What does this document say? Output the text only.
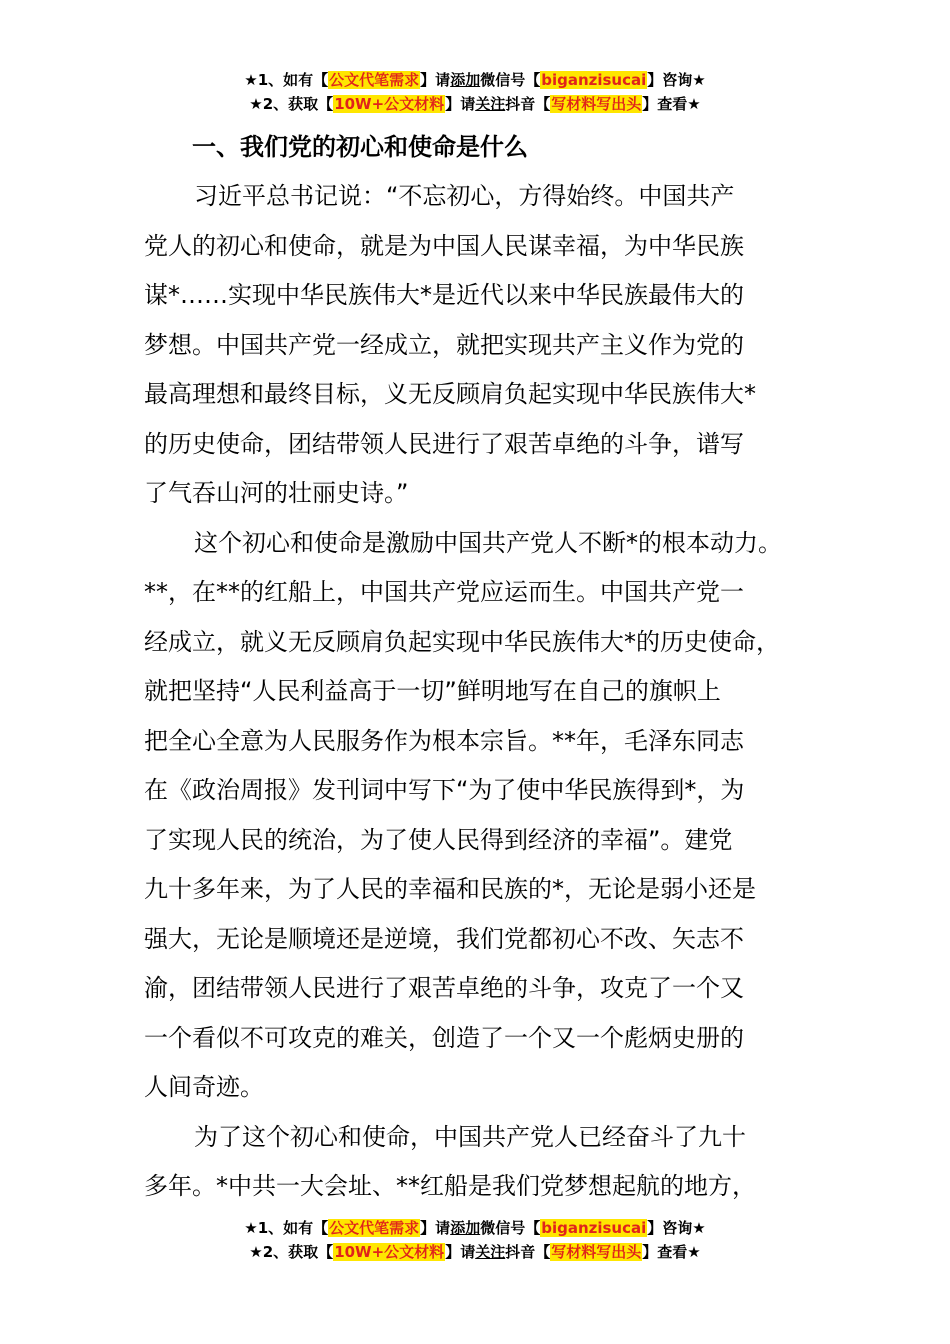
★1、如有【公文代笔需求】请添加微信号【biganzisucai】咨询★
★2、获取【10W+公文材料】请关注抖音【写材料写出头】查看★
一、我们党的初心和使命是什么
习近平总书记说：“不忘初心，方得始终。中国共产
党人的初心和使命，就是为中国人民谋幸福，为中华民族
谋*……实现中华民族伟大*是近代以来中华民族最伟大的
梦想。中国共产党一经成立，就把实现共产主义作为党的
最高理想和最终目标，义无反顾肩负起实现中华民族伟大*
的历史使命，团结带领人民进行了艰苦卓绝的斗争，谱写
了气吞山河的壮丽史诗。”
这个初心和使命是激励中国共产党人不断*的根本动力。
**，在**的红船上，中国共产党应运而生。中国共产党一
经成立，就义无反顾肩负起实现中华民族伟大*的历史使命，
就把坚持“人民利益高于一切”鲜明地写在自己的旗帜上
把全心全意为人民服务作为根本宗旨。**年，毛泽东同志
在《政治周报》发刊词中写下“为了使中华民族得到*，为
了实现人民的统治，为了使人民得到经济的幸福”。建党
九十多年来，为了人民的幸福和民族的*，无论是弱小还是
强大，无论是顺境还是逆境，我们党都初心不改、矢志不
渝，团结带领人民进行了艰苦卓绝的斗争，攻克了一个又
一个看似不可攻克的难关，创造了一个又一个彪炳史册的
人间奇迹。
为了这个初心和使命，中国共产党人已经奋斗了九十
多年。*中共一大会址、**红船是我们党梦想起航的地方，
★1、如有【公文代笔需求】请添加微信号【biganzisucai】咨询★
★2、获取【10W+公文材料】请关注抖音【写材料写出头】查看★
